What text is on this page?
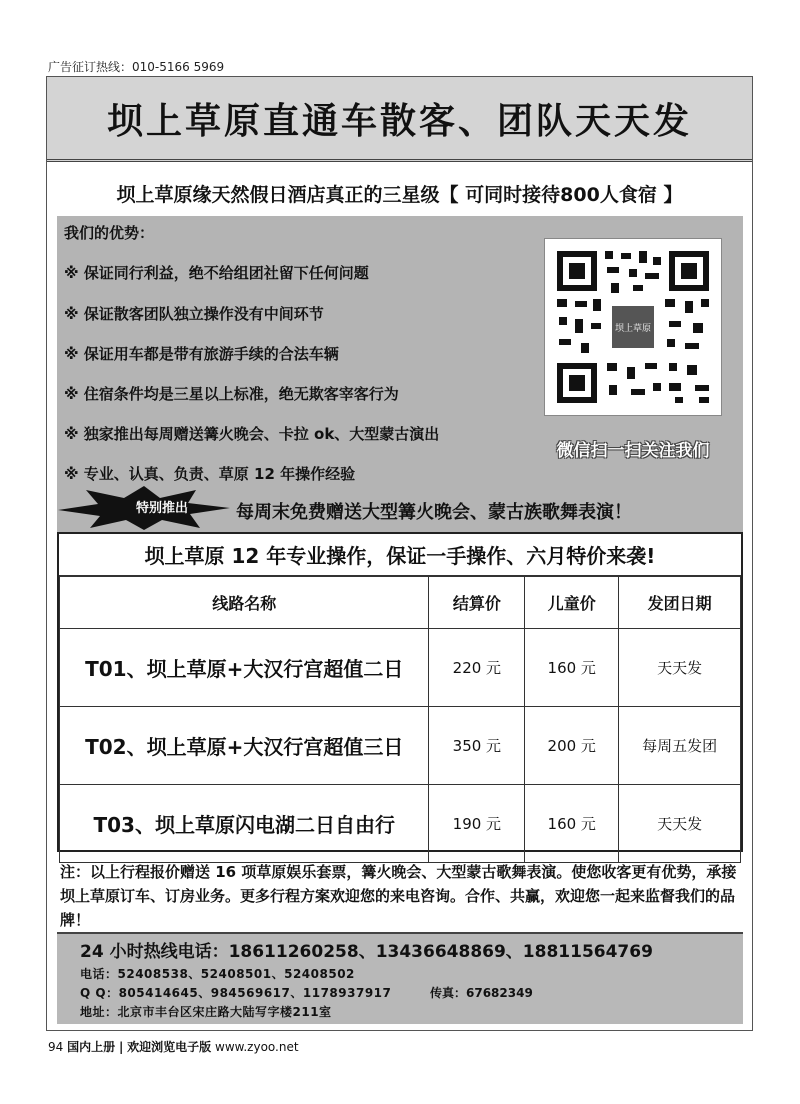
广告征订热线：010-5166 5969
坝上草原直通车散客、团队天天发
坝上草原缘天然假日酒店真正的三星级【 可同时接待800人食宿 】
我们的优势：
※ 保证同行利益，绝不给组团社留下任何问题
※ 保证散客团队独立操作没有中间环节
※ 保证用车都是带有旅游手续的合法车辆
※ 住宿条件均是三星以上标准，绝无欺客宰客行为
※ 独家推出每周赠送篝火晚会、卡拉 ok、大型蒙古演出
※ 专业、认真、负责、草原 12 年操作经验
坝上草原
微信扫一扫关注我们
特别推出	每周末免费赠送大型篝火晚会、蒙古族歌舞表演！
坝上草原 12 年专业操作，保证一手操作、六月特价来袭!
线路名称	结算价	儿童价	发团日期
T01、坝上草原+大汉行宫超值二日	220 元	160 元	天天发
T02、坝上草原+大汉行宫超值三日	350 元	200 元	每周五发团
T03、坝上草原闪电湖二日自由行	190 元	160 元	天天发
注：以上行程报价赠送 16 项草原娱乐套票，篝火晚会、大型蒙古歌舞表演。使您收客更有优势，承接坝上草原订车、订房业务。更多行程方案欢迎您的来电咨询。合作、共赢，欢迎您一起来监督我们的品牌！
24 小时热线电话：18611260258、13436648869、18811564769
电话：52408538、52408501、52408502
Q Q：805414645、984569617、1178937917	传真：67682349
地址：北京市丰台区宋庄路大陆写字楼211室
94 国内上册 | 欢迎浏览电子版 www.zyoo.net
